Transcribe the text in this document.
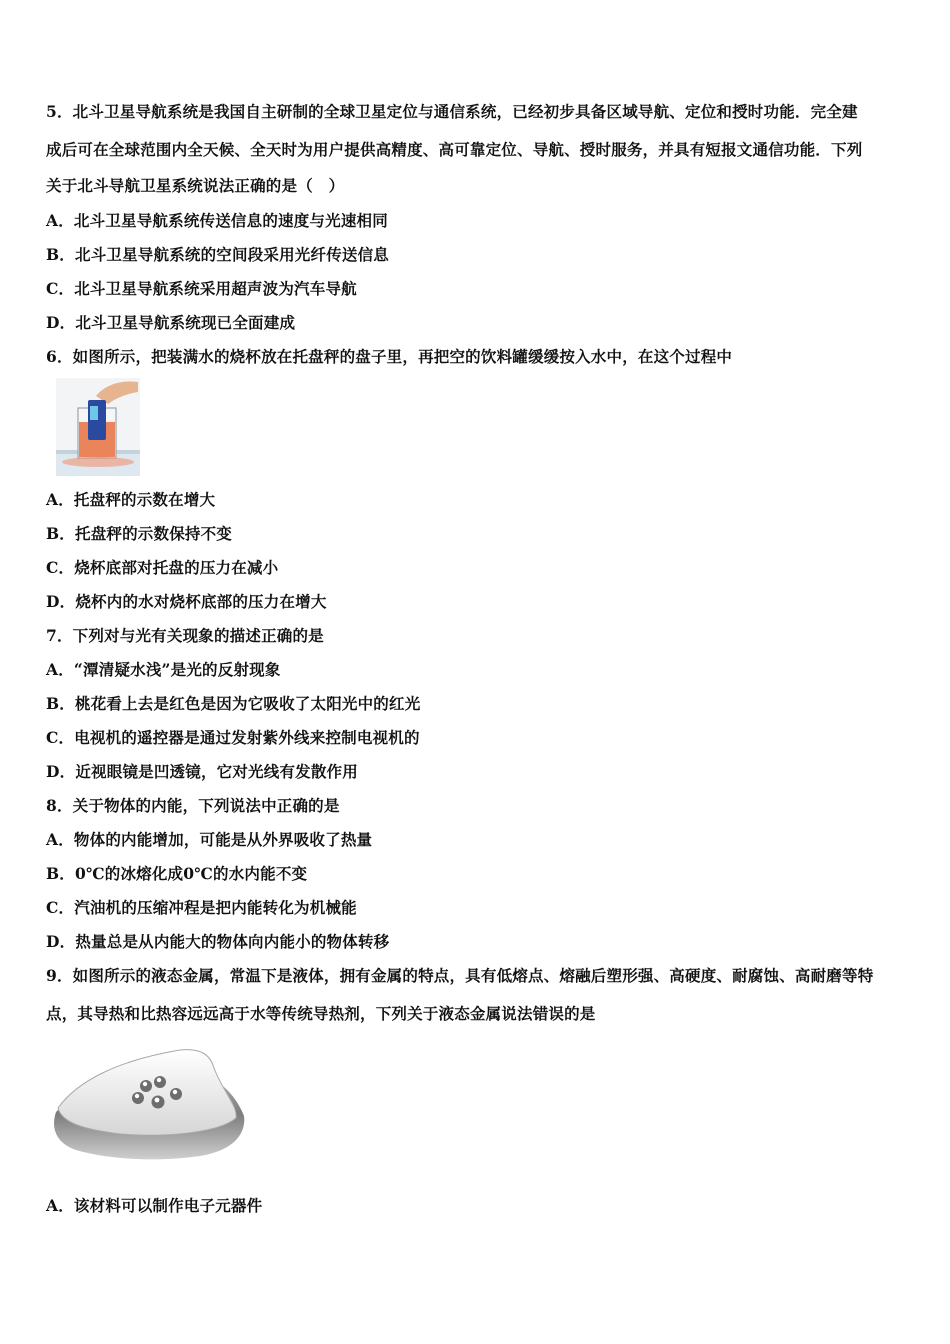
5．北斗卫星导航系统是我国自主研制的全球卫星定位与通信系统，已经初步具备区域导航、定位和授时功能．完全建
成后可在全球范围内全天候、全天时为用户提供高精度、高可靠定位、导航、授时服务，并具有短报文通信功能．下列
关于北斗导航卫星系统说法正确的是（　）
A．北斗卫星导航系统传送信息的速度与光速相同
B．北斗卫星导航系统的空间段采用光纤传送信息
C．北斗卫星导航系统采用超声波为汽车导航
D．北斗卫星导航系统现已全面建成
6．如图所示，把装满水的烧杯放在托盘秤的盘子里，再把空的饮料罐缓缓按入水中，在这个过程中
A．托盘秤的示数在增大
B．托盘秤的示数保持不变
C．烧杯底部对托盘的压力在减小
D．烧杯内的水对烧杯底部的压力在增大
7．下列对与光有关现象的描述正确的是
A．“潭清疑水浅”是光的反射现象
B．桃花看上去是红色是因为它吸收了太阳光中的红光
C．电视机的遥控器是通过发射紫外线来控制电视机的
D．近视眼镜是凹透镜，它对光线有发散作用
8．关于物体的内能，下列说法中正确的是
A．物体的内能增加，可能是从外界吸收了热量
B．0℃的冰熔化成0℃的水内能不变
C．汽油机的压缩冲程是把内能转化为机械能
D．热量总是从内能大的物体向内能小的物体转移
9．如图所示的液态金属，常温下是液体，拥有金属的特点，具有低熔点、熔融后塑形强、高硬度、耐腐蚀、高耐磨等特
点，其导热和比热容远远高于水等传统导热剂，下列关于液态金属说法错误的是
A．该材料可以制作电子元器件
